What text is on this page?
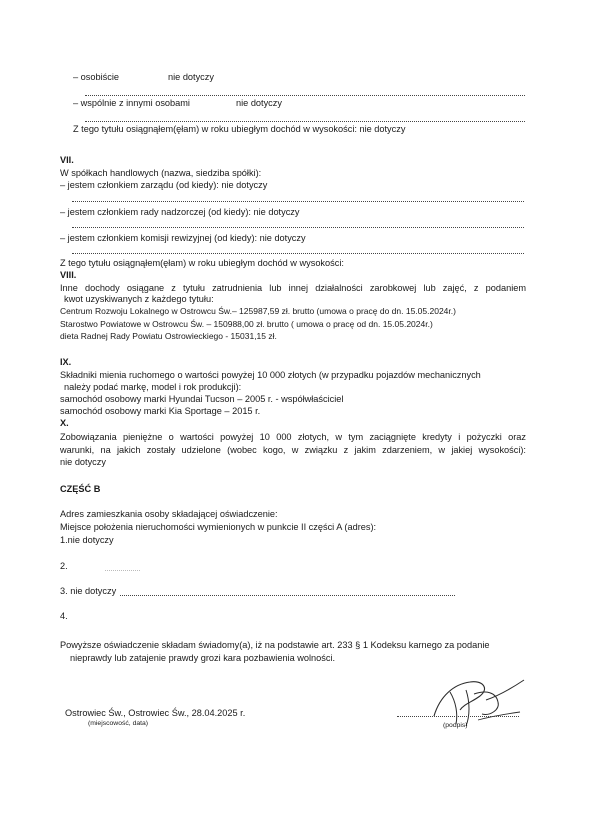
– osobiście	nie dotyczy
– wspólnie z innymi osobami	nie dotyczy
Z tego tytułu osiągnąłem(ęłam) w roku ubiegłym dochód w wysokości: nie dotyczy
VII.
W spółkach handlowych (nazwa, siedziba spółki):
– jestem członkiem zarządu (od kiedy): nie dotyczy
– jestem członkiem rady nadzorczej (od kiedy): nie dotyczy
– jestem członkiem komisji rewizyjnej (od kiedy): nie dotyczy
Z tego tytułu osiągnąłem(ęłam) w roku ubiegłym dochód w wysokości:
VIII.
Inne dochody osiągane z tytułu zatrudnienia lub innej działalności zarobkowej lub zajęć, z podaniem
kwot uzyskiwanych z każdego tytułu:
Centrum Rozwoju Lokalnego w Ostrowcu Św.– 125987,59 zł. brutto (umowa o pracę do dn. 15.05.2024r.)
Starostwo Powiatowe w Ostrowcu Św. – 150988,00 zł. brutto ( umowa o pracę od dn. 15.05.2024r.)
dieta Radnej Rady Powiatu Ostrowieckiego - 15031,15 zł.
IX.
Składniki mienia ruchomego o wartości powyżej 10 000 złotych (w przypadku pojazdów mechanicznych
należy podać markę, model i rok produkcji):
samochód osobowy marki Hyundai Tucson – 2005 r. - współwłaściciel
samochód osobowy marki Kia Sportage – 2015 r.
X.
Zobowiązania pieniężne o wartości powyżej 10 000 złotych, w tym zaciągnięte kredyty i pożyczki oraz
warunki, na jakich zostały udzielone (wobec kogo, w związku z jakim zdarzeniem, w jakiej wysokości):
nie dotyczy
CZĘŚĆ B
Adres zamieszkania osoby składającej oświadczenie:
Miejsce położenia nieruchomości wymienionych w punkcie II części A (adres):
1.nie dotyczy
2.
3. nie dotyczy
4.
Powyższe oświadczenie składam świadomy(a), iż na podstawie art. 233 § 1 Kodeksu karnego za podanie
nieprawdy lub zatajenie prawdy grozi kara pozbawienia wolności.
Ostrowiec Św., Ostrowiec Św., 28.04.2025 r.
(miejscowość, data)	(podpis)
